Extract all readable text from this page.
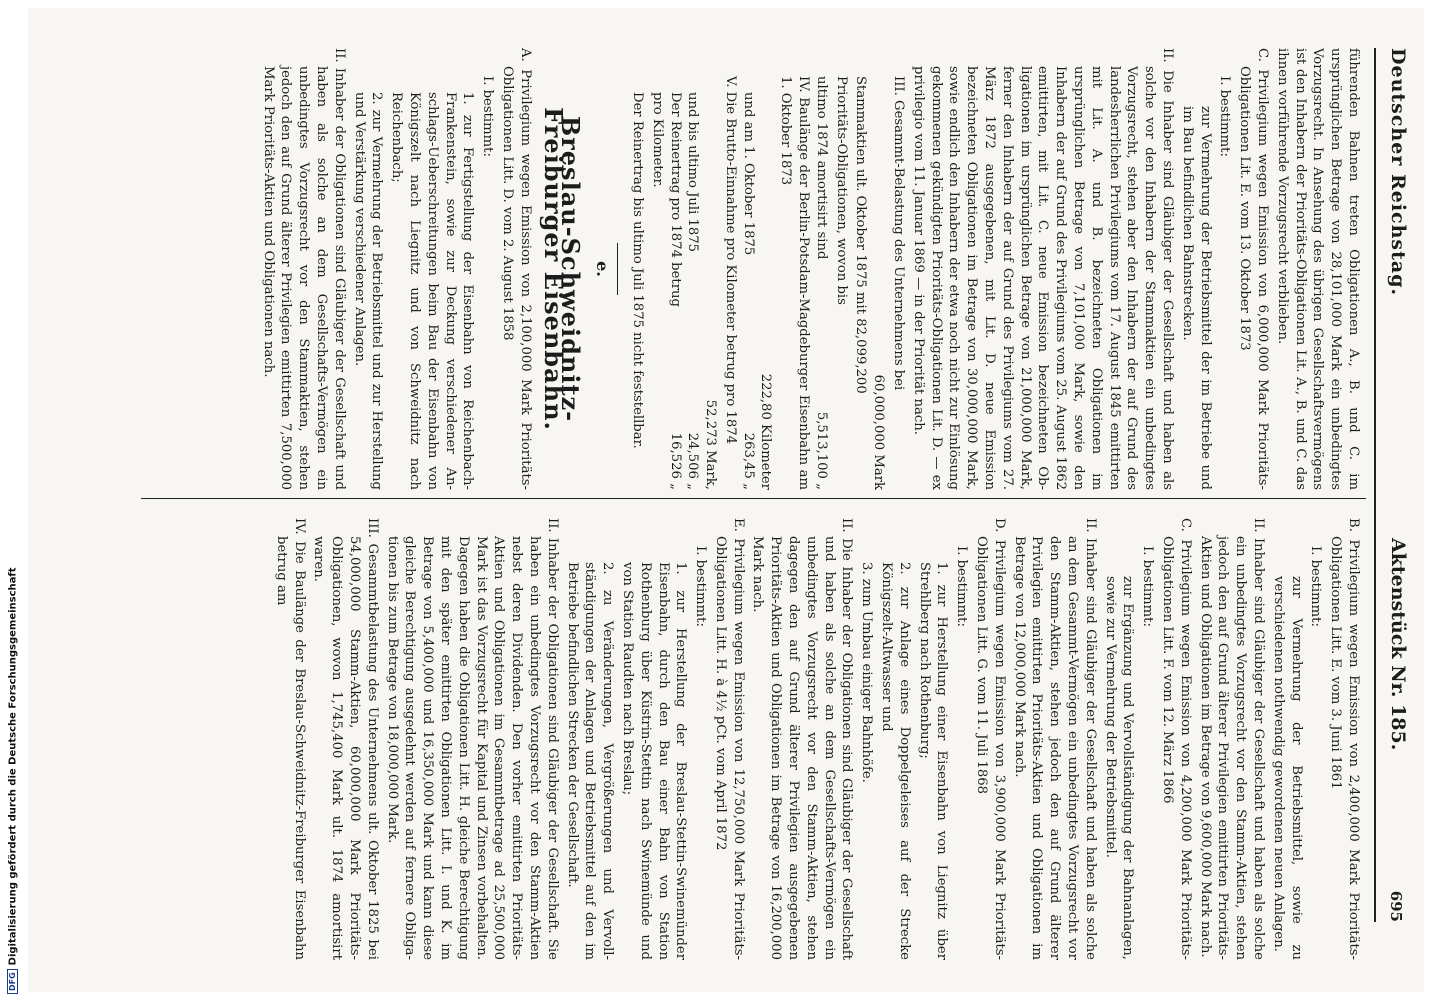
DFGDigitalisierung gefördert durch die Deutsche Forschungsgemeinschaft
Deutscher Reichstag.
Aktenstück Nr. 185.
695

führenden Bahnen treten Obligationen A., B. und C. im ursprünglichen Betrage von 28,101,000 Mark ein unbedingtes Vorzugsrecht. In Ansehung des übrigen Gesellschaftsvermögens ist den Inhabern der Prioritäts-Obligationen Lit. A., B. und C. das ihnen vorführende Vorzugsrecht verblieben.

C. Privilegium wegen Emission von 6,000,000 Mark Prioritäts-Obligationen Lit. E. vom 13. Oktober 1873

I. bestimmt:

zur Vermehrung der Betriebsmittel der im Betriebe und im Bau befindlichen Bahnstrecken.

II. Die Inhaber sind Gläubiger der Gesellschaft und haben als solche vor den Inhabern der Stammaktien ein unbedingtes Vorzugsrecht, stehen aber den Inhabern der auf Grund des landesherrlichen Privilegiums vom 17. August 1845 emittirten mit Lit. A. und B. bezeichneten Obligationen im ursprünglichen Betrage von 7,101,000 Mark, sowie den Inhabern der auf Grund des Privilegiums vom 25. August 1862 emittirten, mit Lit. C. neue Emission bezeichneten Obligationen im ursprünglichen Betrage von 21,000,000 Mark, ferner den Inhabern der auf Grund des Privilegiums vom 27. März 1872 ausgegebenen, mit Lit. D. neue Emission bezeichneten Obligationen im Betrage von 30,000,000 Mark, sowie endlich den Inhabern der etwa noch nicht zur Einlösung gekommenen gekündigten Prioritäts-Obligationen Lit. D. — ex privilegio vom 11. Januar 1869 — in der Priorität nach.

III. Gesammt-Belastung des Unternehmens bei

60,000,000 Mark

Stammaktien ult. Oktober 1875 mit 82,099,200

Prioritäts-Obligationen, wovon bis

ultimo 1874 amortisirt sind
5,513,100 „

IV. Baulänge der Berlin-Potsdam-Magdeburger Eisenbahn am 1. Oktober 1873

222,80 Kilometer
und am 1. Oktober 1875
263,45 „

V. Die Brutto-Einnahme pro Kilometer betrug pro 1874

52,273 Mark,
und bis ultimo Juli 1875
24,506 „
Der Reinertrag pro 1874 betrug
16,526 „

pro Kilometer.

Der Reinertrag bis ultimo Juli 1875 nicht feststellbar.

e.
Breslau-Schweidnitz-Freiburger Eisenbahn.

A. Privilegium wegen Emission von 2,100,000 Mark Prioritäts-Obligationen Litt. D. vom 2. August 1858

I. bestimmt:

1. zur Fertigstellung der Eisenbahn von Reichenbach-Frankenstein, sowie zur Deckung verschiedener Anschlags-Ueberschreitungen beim Bau der Eisenbahn von Königszelt nach Liegnitz und von Schweidnitz nach Reichenbach;

2. zur Vermehrung der Betriebsmittel und zur Herstellung und Verstärkung verschiedener Anlagen.

II. Inhaber der Obligationen sind Gläubiger der Gesellschaft und haben als solche an dem Gesellschafts-Vermögen ein unbedingtes Vorzugsrecht vor den Stammaktien, stehen jedoch den auf Grund älterer Privilegien emittirten 7,500,000 Mark Prioritäts-Aktien und Obligationen nach.

B. Privilegium wegen Emission von 2,400,000 Mark Prioritäts-Obligationen Litt. E. vom 3. Juni 1861

I. bestimmt:

zur Vermehrung der Betriebsmittel, sowie zu verschiedenen nothwendig gewordenen neuen Anlagen.

II. Inhaber sind Gläubiger der Gesellschaft und haben als solche ein unbedingtes Vorzugsrecht vor den Stamm-Aktien, stehen jedoch den auf Grund älterer Privilegien emittirten Prioritäts-Aktien und Obligationen im Betrage von 9,600,000 Mark nach.

C. Privilegium wegen Emission von 4,200,000 Mark Prioritäts-Obligationen Litt. F. vom 12. März 1866

I. bestimmt:

zur Ergänzung und Vervollständigung der Bahnanlagen, sowie zur Vermehrung der Betriebsmittel.

II. Inhaber sind Gläubiger der Gesellschaft und haben als solche an dem Gesammt-Vermögen ein unbedingtes Vorzugsrecht vor den Stamm-Aktien, stehen jedoch den auf Grund älterer Privilegien emittirten Prioritäts-Aktien und Obligationen im Betrage von 12,000,000 Mark nach.

D. Privilegium wegen Emission von 3,900,000 Mark Prioritäts-Obligationen Litt. G. vom 11. Juli 1868

I. bestimmt:

1. zur Herstellung einer Eisenbahn von Liegnitz über Strehlberg nach Rothenburg;

2. zur Anlage eines Doppelgeleises auf der Strecke Königszelt-Altwasser und

3. zum Umbau einiger Bahnhöfe.

II. Die Inhaber der Obligationen sind Gläubiger der Gesellschaft und haben als solche an dem Gesellschafts-Vermögen ein unbedingtes Vorzugsrecht vor den Stamm-Aktien, stehen dagegen den auf Grund älterer Privilegien ausgegebenen Prioritäts-Aktien und Obligationen im Betrage von 16,200,000 Mark nach.

E. Privilegium wegen Emission von 12,750,000 Mark Prioritäts-Obligationen Litt. H. à 4½ pCt. vom April 1872

I. bestimmt:

1. zur Herstellung der Breslau-Stettin-Swinemünder Eisenbahn, durch den Bau einer Bahn von Station Rothenburg über Küstrin-Stettin nach Swinemünde und von Station Raudten nach Breslau;

2. zu Veränderungen, Vergrößerungen und Vervollständigungen der Anlagen und Betriebsmittel auf den im Betriebe befindlichen Strecken der Gesellschaft.

II. Inhaber der Obligationen sind Gläubiger der Gesellschaft. Sie haben ein unbedingtes Vorzugsrecht vor den Stamm-Aktien nebst deren Dividenden. Den vorher emittirten Prioritäts-Aktien und Obligationen im Gesammtbetrage ad 25,500,000 Mark ist das Vorzugsrecht für Kapital und Zinsen vorbehalten. Dagegen haben die Obligationen Litt. H. gleiche Berechtigung mit den später emittirten Obligationen Litt. I. und K. im Betrage von 5,400,000 und 16,350,000 Mark und kann diese gleiche Berechtigung ausgedehnt werden auf fernere Obligationen bis zum Betrage von 18,000,000 Mark.

III. Gesammtbelastung des Unternehmens ult. Oktober 1825 bei 54,000,000 Stamm-Aktien, 60,000,000 Mark Prioritäts-Obligationen, wovon 1,745,400 Mark ult. 1874 amortisirt waren.

IV. Die Baulänge der Breslau-Schweidnitz-Freiburger Eisenbahn betrug am
